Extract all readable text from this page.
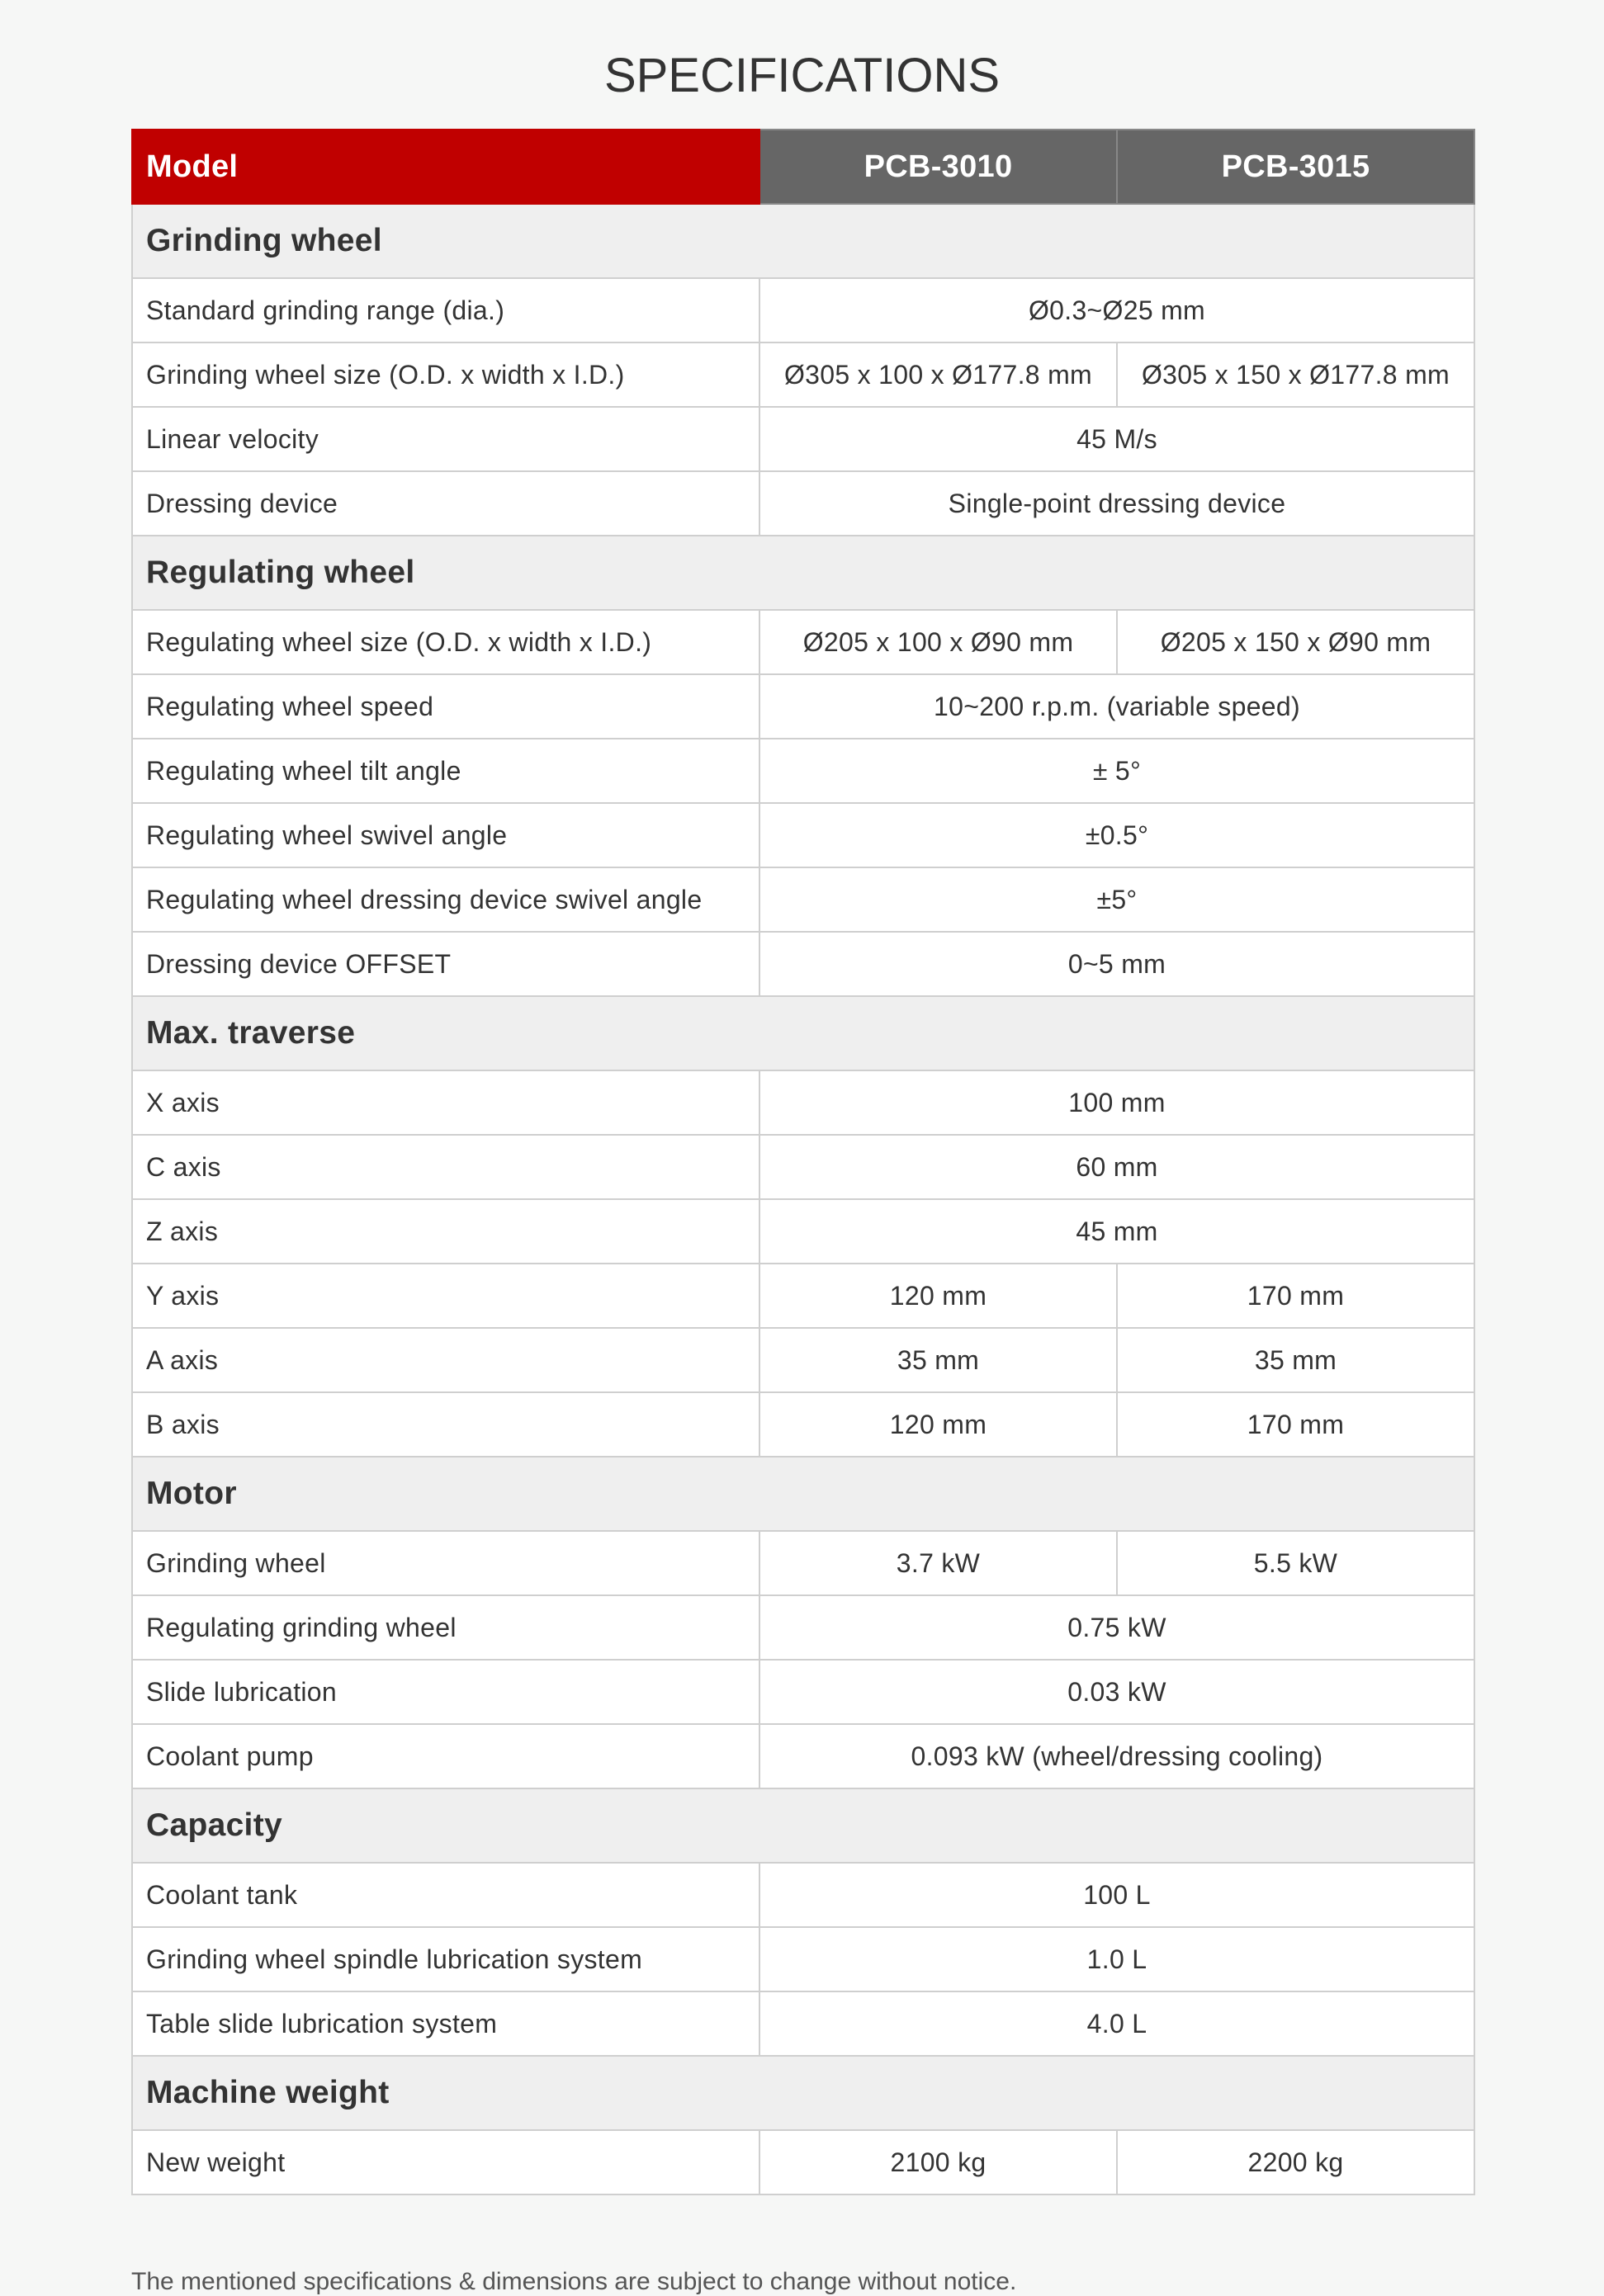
SPECIFICATIONS
Model	PCB-3010	PCB-3015
Grinding wheel		
Standard grinding range (dia.)	Ø0.3~Ø25 mm	
Grinding wheel size (O.D. x width x I.D.)	Ø305 x 100 x Ø177.8 mm	Ø305 x 150 x Ø177.8 mm
Linear velocity	45 M/s	
Dressing device	Single-point dressing device	
Regulating wheel		
Regulating wheel size (O.D. x width x I.D.)	Ø205 x 100 x Ø90 mm	Ø205 x 150 x Ø90 mm
Regulating wheel speed	10~200 r.p.m. (variable speed)	
Regulating wheel tilt angle	± 5°	
Regulating wheel swivel angle	±0.5°	
Regulating wheel dressing device swivel angle	±5°	
Dressing device OFFSET	0~5 mm	
Max. traverse		
X axis	100 mm	
C axis	60 mm	
Z axis	45 mm	
Y axis	120 mm	170 mm
A axis	35 mm	35 mm
B axis	120 mm	170 mm
Motor		
Grinding wheel	3.7 kW	5.5 kW
Regulating grinding wheel	0.75 kW	
Slide lubrication	0.03 kW	
Coolant pump	0.093 kW (wheel/dressing cooling)	
Capacity		
Coolant tank	100 L	
Grinding wheel spindle lubrication system	1.0 L	
Table slide lubrication system	4.0 L	
Machine weight		
New weight	2100 kg	2200 kg
The mentioned specifications & dimensions are subject to change without notice.
